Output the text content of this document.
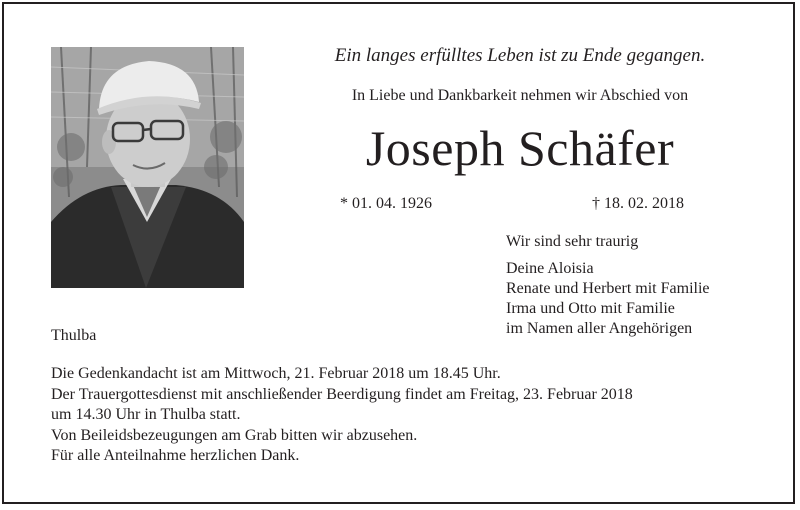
Ein langes erfülltes Leben ist zu Ende gegangen.
In Liebe und Dankbarkeit nehmen wir Abschied von
Joseph Schäfer
* 01. 04. 1926	† 18. 02. 2018
Wir sind sehr traurig
Deine Aloisia
Renate und Herbert mit Familie
Irma und Otto mit Familie
im Namen aller Angehörigen
Thulba
Die Gedenkandacht ist am Mittwoch, 21. Februar 2018 um 18.45 Uhr.
Der Trauergottesdienst mit anschließender Beerdigung findet am Freitag, 23. Februar 2018
um 14.30 Uhr in Thulba statt.
Von Beileidsbezeugungen am Grab bitten wir abzusehen.
Für alle Anteilnahme herzlichen Dank.
